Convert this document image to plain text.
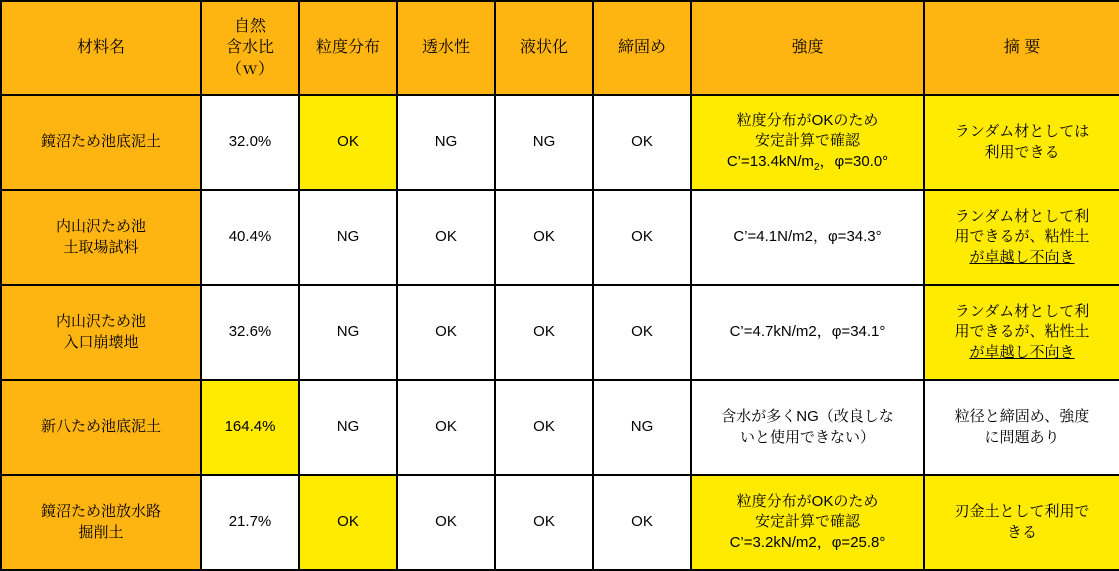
材料名	自然
含水比
（ｗ）	粒度分布	透水性	液状化	締固め	強度	摘 要

鏡沼ため池底泥土	32.0%	OK	NG	NG	OK	粒度分布がOKのため
安定計算で確認
$C’=13.4kN/m_2$，φ=30.0°	ランダム材としては
利用できる

内山沢ため池
土取場試料	40.4%	NG	OK	OK	OK	C’=4.1N/m2，φ=34.3°	ランダム材として利
用できるが、粘性土
が卓越し不向き

内山沢ため池
入口崩壊地	32.6%	NG	OK	OK	OK	C’=4.7kN/m2，φ=34.1°	ランダム材として利
用できるが、粘性土
が卓越し不向き

新八ため池底泥土	164.4%	NG	OK	OK	NG	含水が多くNG（改良しな
いと使用できない）	粒径と締固め、強度
に問題あり

鏡沼ため池放水路
掘削土	21.7%	OK	OK	OK	OK	粒度分布がOKのため
安定計算で確認
C’=3.2kN/m2，φ=25.8°	刃金土として利用で
きる
